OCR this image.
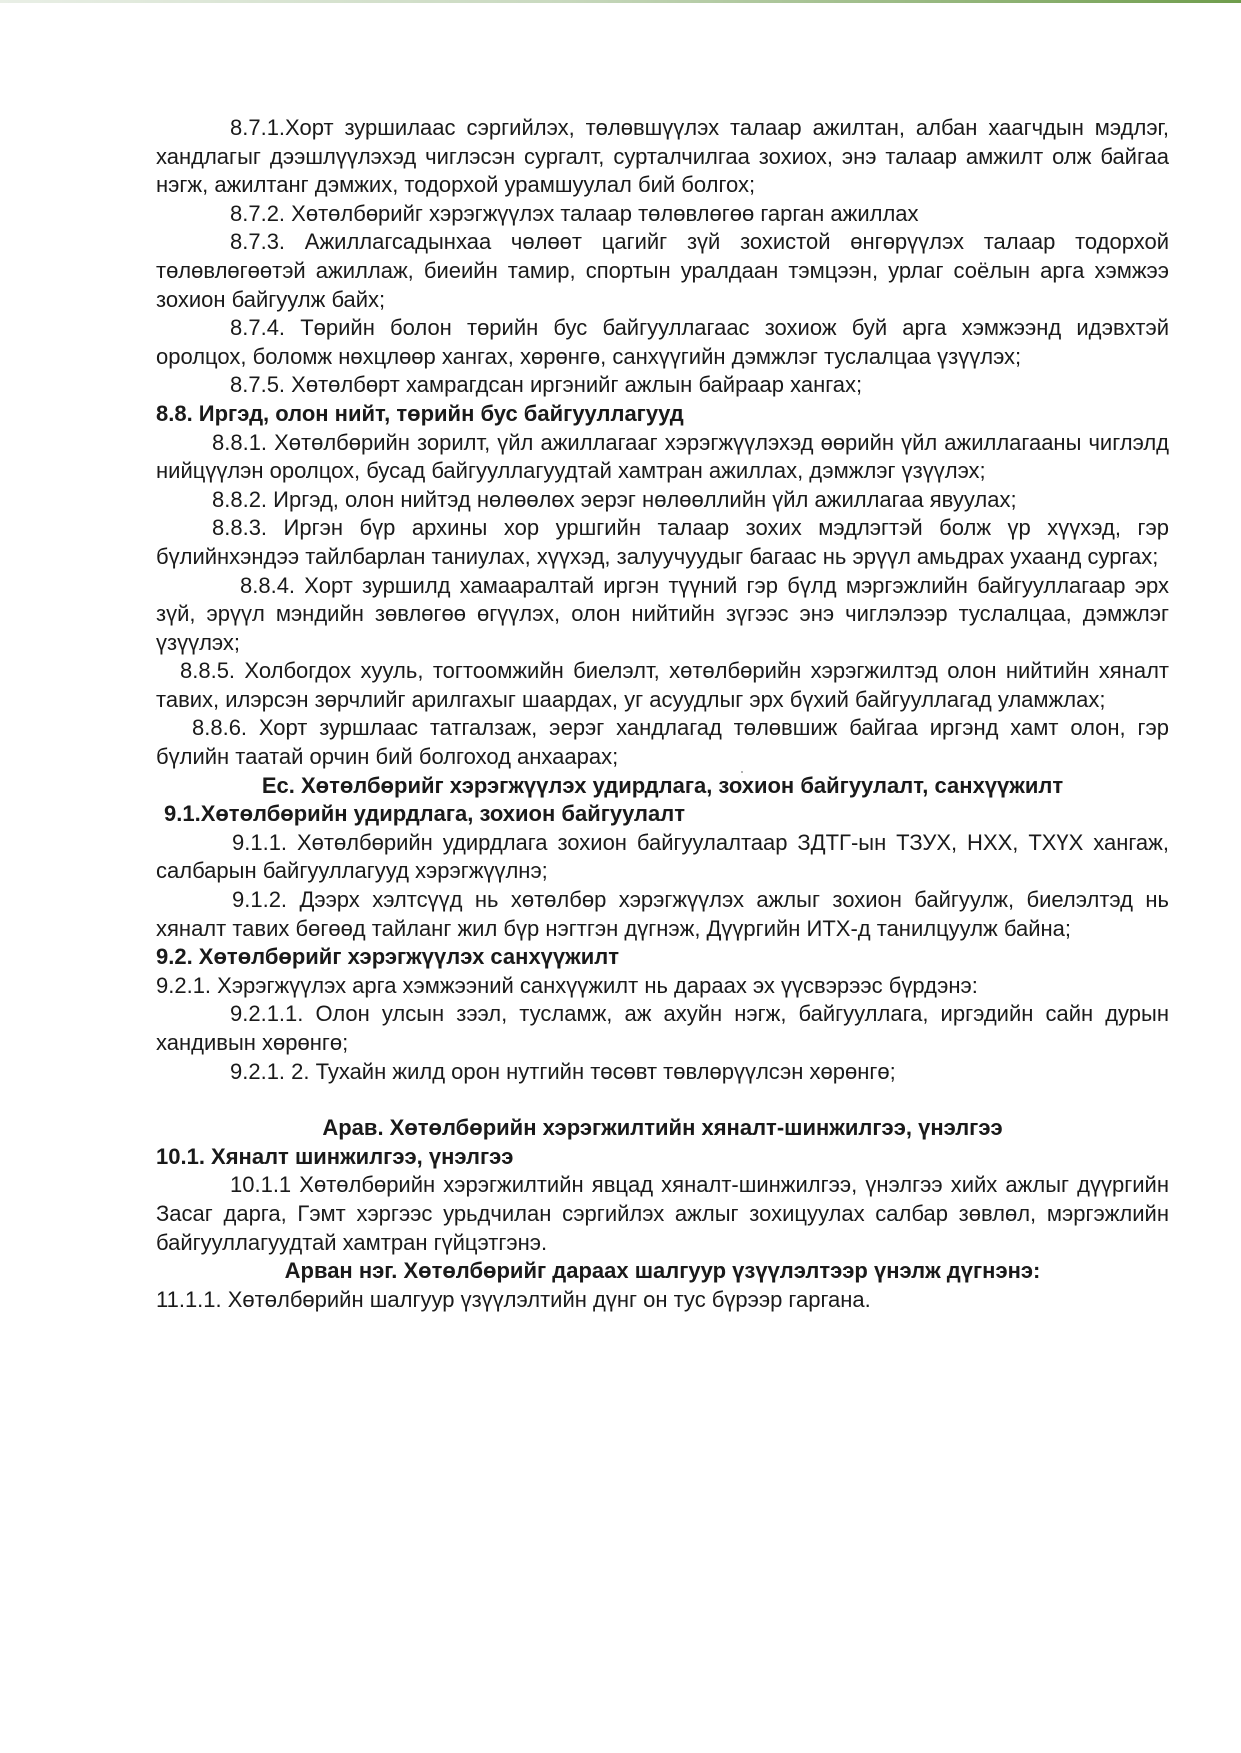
8.7.1.Хорт зуршилаас сэргийлэх, төлөвшүүлэх талаар ажилтан, албан хаагчдын мэдлэг, хандлагыг дээшлүүлэхэд чиглэсэн сургалт, сурталчилгаа зохиох, энэ талаар амжилт олж байгаа нэгж, ажилтанг дэмжих, тодорхой урамшуулал бий болгох;

8.7.2. Хөтөлбөрийг хэрэгжүүлэх талаар төлөвлөгөө гарган ажиллах

8.7.3. Ажиллагсадынхаа чөлөөт цагийг зүй зохистой өнгөрүүлэх талаар тодорхой төлөвлөгөөтэй ажиллаж, биеийн тамир, спортын уралдаан тэмцээн, урлаг соёлын арга хэмжээ зохион байгуулж байх;

8.7.4. Төрийн болон төрийн бус байгууллагаас зохиож буй арга хэмжээнд идэвхтэй оролцох, боломж нөхцлөөр хангах, хөрөнгө, санхүүгийн дэмжлэг туслалцаа үзүүлэх;

8.7.5. Хөтөлбөрт хамрагдсан иргэнийг ажлын байраар хангах;

8.8. Иргэд, олон нийт, төрийн бус байгууллагууд

8.8.1. Хөтөлбөрийн зорилт, үйл ажиллагааг хэрэгжүүлэхэд өөрийн үйл ажиллагааны чиглэлд нийцүүлэн оролцох, бусад байгууллагуудтай хамтран ажиллах, дэмжлэг үзүүлэх;

8.8.2. Иргэд, олон нийтэд нөлөөлөх эерэг нөлөөллийн үйл ажиллагаа явуулах;

8.8.3. Иргэн бүр архины хор уршгийн талаар зохих мэдлэгтэй болж үр хүүхэд, гэр бүлийнхэндээ тайлбарлан таниулах, хүүхэд, залуучуудыг багаас нь эрүүл амьдрах ухаанд сургах;

8.8.4. Хорт зуршилд хамааралтай иргэн түүний гэр бүлд мэргэжлийн байгууллагаар эрх зүй, эрүүл мэндийн зөвлөгөө өгүүлэх, олон нийтийн зүгээс энэ чиглэлээр туслалцаа, дэмжлэг үзүүлэх;

8.8.5. Холбогдох хууль, тогтоомжийн биелэлт, хөтөлбөрийн хэрэгжилтэд олон нийтийн хяналт тавих, илэрсэн зөрчлийг арилгахыг шаардах, уг асуудлыг эрх бүхий байгууллагад уламжлах;

8.8.6. Хорт зуршлаас татгалзаж, эерэг хандлагад төлөвшиж байгаа иргэнд хамт олон, гэр бүлийн таатай орчин бий болгоход анхаарах;

Ес. Хөтөлбөрийг хэрэгжүүлэх удирдлага, зохион байгуулалт, санхүүжилт

9.1.Хөтөлбөрийн удирдлага, зохион байгуулалт

9.1.1. Хөтөлбөрийн удирдлага зохион байгуулалтаар ЗДТГ-ын ТЗУХ, НХХ, ТХҮХ хангаж, салбарын байгууллагууд хэрэгжүүлнэ;

9.1.2. Дээрх хэлтсүүд нь хөтөлбөр хэрэгжүүлэх ажлыг зохион байгуулж, биелэлтэд нь хяналт тавих бөгөөд тайланг жил бүр нэгтгэн дүгнэж, Дүүргийн ИТХ-д танилцуулж байна;

9.2. Хөтөлбөрийг хэрэгжүүлэх санхүүжилт

9.2.1. Хэрэгжүүлэх арга хэмжээний санхүүжилт нь дараах эх үүсвэрээс бүрдэнэ:

9.2.1.1. Олон улсын зээл, тусламж, аж ахуйн нэгж, байгууллага, иргэдийн сайн дурын хандивын хөрөнгө;

9.2.1. 2. Тухайн жилд орон нутгийн төсөвт төвлөрүүлсэн хөрөнгө;

Арав. Хөтөлбөрийн хэрэгжилтийн хяналт-шинжилгээ, үнэлгээ

10.1. Хяналт шинжилгээ, үнэлгээ

10.1.1 Хөтөлбөрийн хэрэгжилтийн явцад хяналт-шинжилгээ, үнэлгээ хийх ажлыг дүүргийн Засаг дарга, Гэмт хэргээс урьдчилан сэргийлэх ажлыг зохицуулах салбар зөвлөл, мэргэжлийн байгууллагуудтай хамтран гүйцэтгэнэ.

Арван нэг. Хөтөлбөрийг дараах шалгуур үзүүлэлтээр үнэлж дүгнэнэ:

11.1.1. Хөтөлбөрийн шалгуур үзүүлэлтийн дүнг он тус бүрээр гаргана.
